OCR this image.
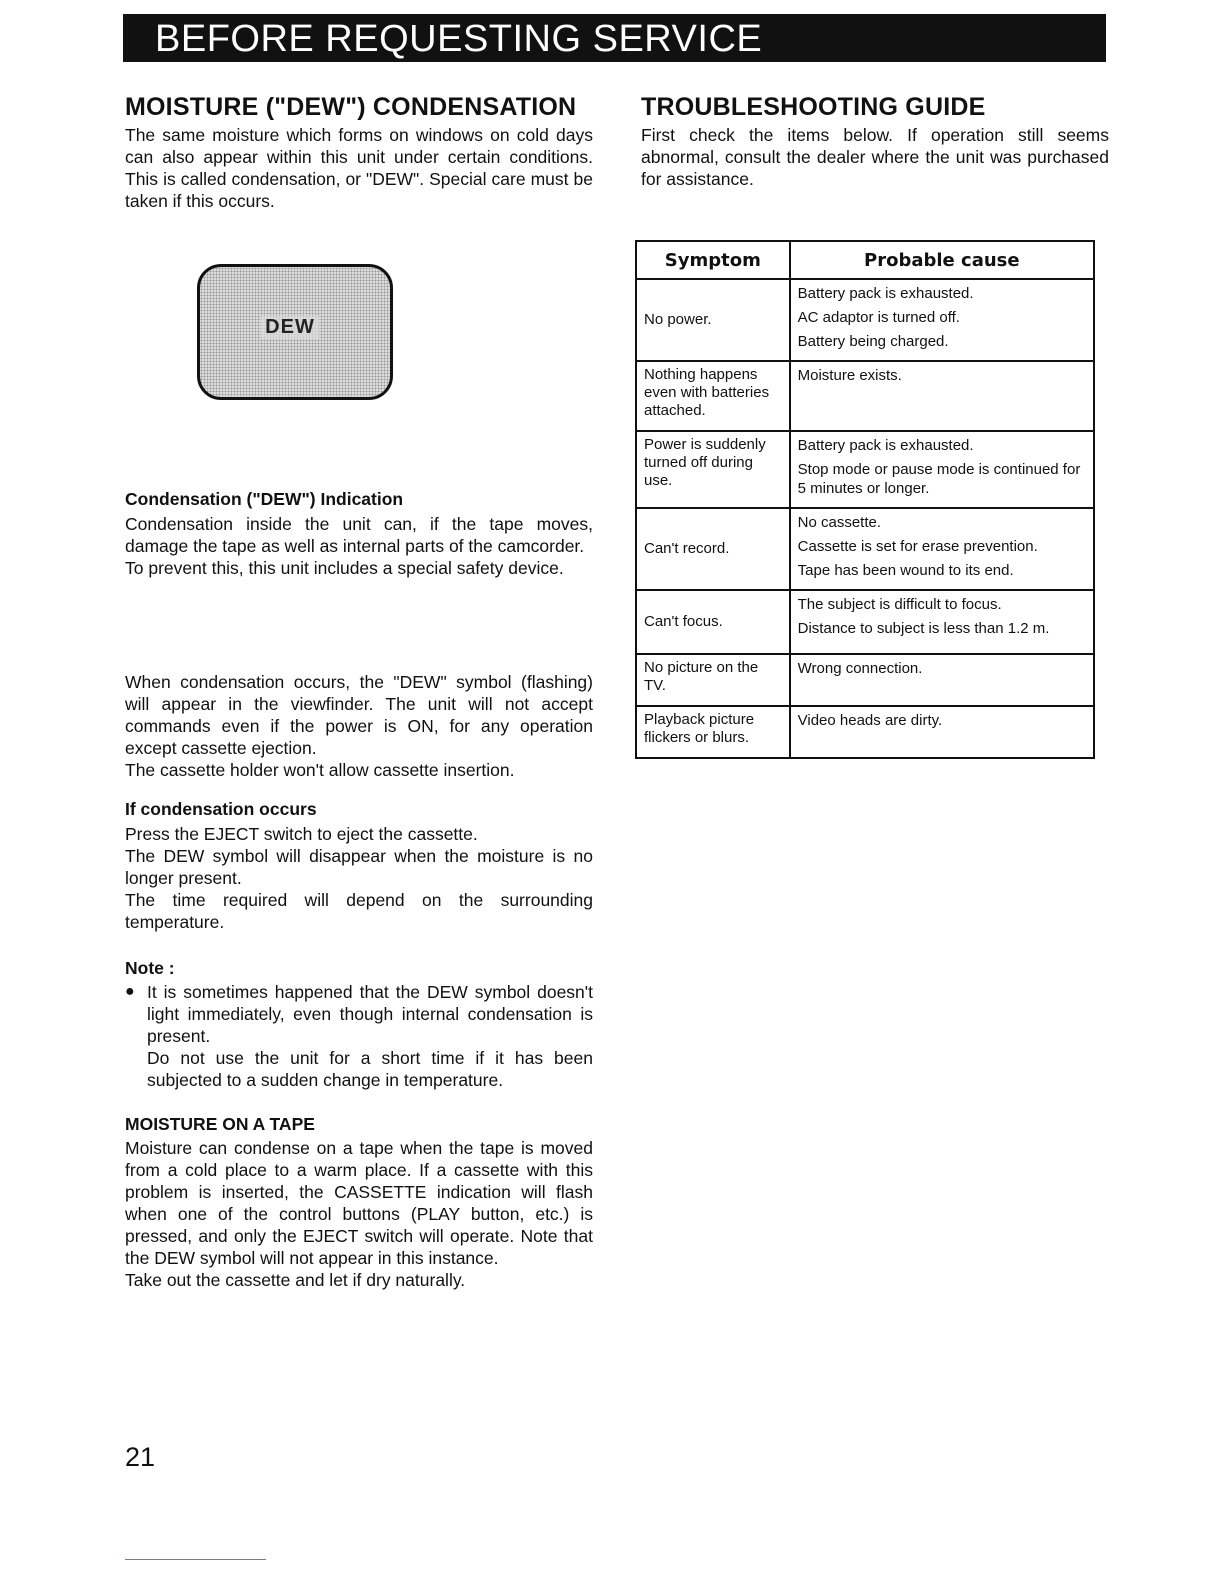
BEFORE REQUESTING SERVICE
MOISTURE ("DEW") CONDENSATION

The same moisture which forms on windows on cold days can also appear within this unit under certain conditions. This is called condensation, or "DEW". Special care must be taken if this occurs.

DEW

Condensation ("DEW") Indication

Condensation inside the unit can, if the tape moves, damage the tape as well as internal parts of the camcorder.

To prevent this, this unit includes a special safety device.

When condensation occurs, the "DEW" symbol (flashing) will appear in the viewfinder. The unit will not accept commands even if the power is ON, for any operation except cassette ejection.

The cassette holder won't allow cassette insertion.

If condensation occurs

Press the EJECT switch to eject the cassette.

The DEW symbol will disappear when the moisture is no longer present.

The time required will depend on the surrounding temperature.

Note :

● It is sometimes happened that the DEW symbol doesn't light immediately, even though internal condensation is present.

Do not use the unit for a short time if it has been subjected to a sudden change in temperature.

MOISTURE ON A TAPE

Moisture can condense on a tape when the tape is moved from a cold place to a warm place. If a cassette with this problem is inserted, the CASSETTE indication will flash when one of the control buttons (PLAY button, etc.) is pressed, and only the EJECT switch will operate. Note that the DEW symbol will not appear in this instance.

Take out the cassette and let if dry naturally.

TROUBLESHOOTING GUIDE

First check the items below. If operation still seems abnormal, consult the dealer where the unit was purchased for assistance.

Symptom	Probable cause
No power.	Battery pack is exhausted.
AC adaptor is turned off.
Battery being charged.

Nothing happens even with batteries attached.	Moisture exists.

Power is suddenly turned off during use.	Battery pack is exhausted.
Stop mode or pause mode is continued for 5 minutes or longer.

Can't record.	No cassette.
Cassette is set for erase prevention.
Tape has been wound to its end.

Can't focus.	The subject is difficult to focus.
Distance to subject is less than 1.2 m.

No picture on the TV.	Wrong connection.

Playback picture flickers or blurs.	Video heads are dirty.
21
